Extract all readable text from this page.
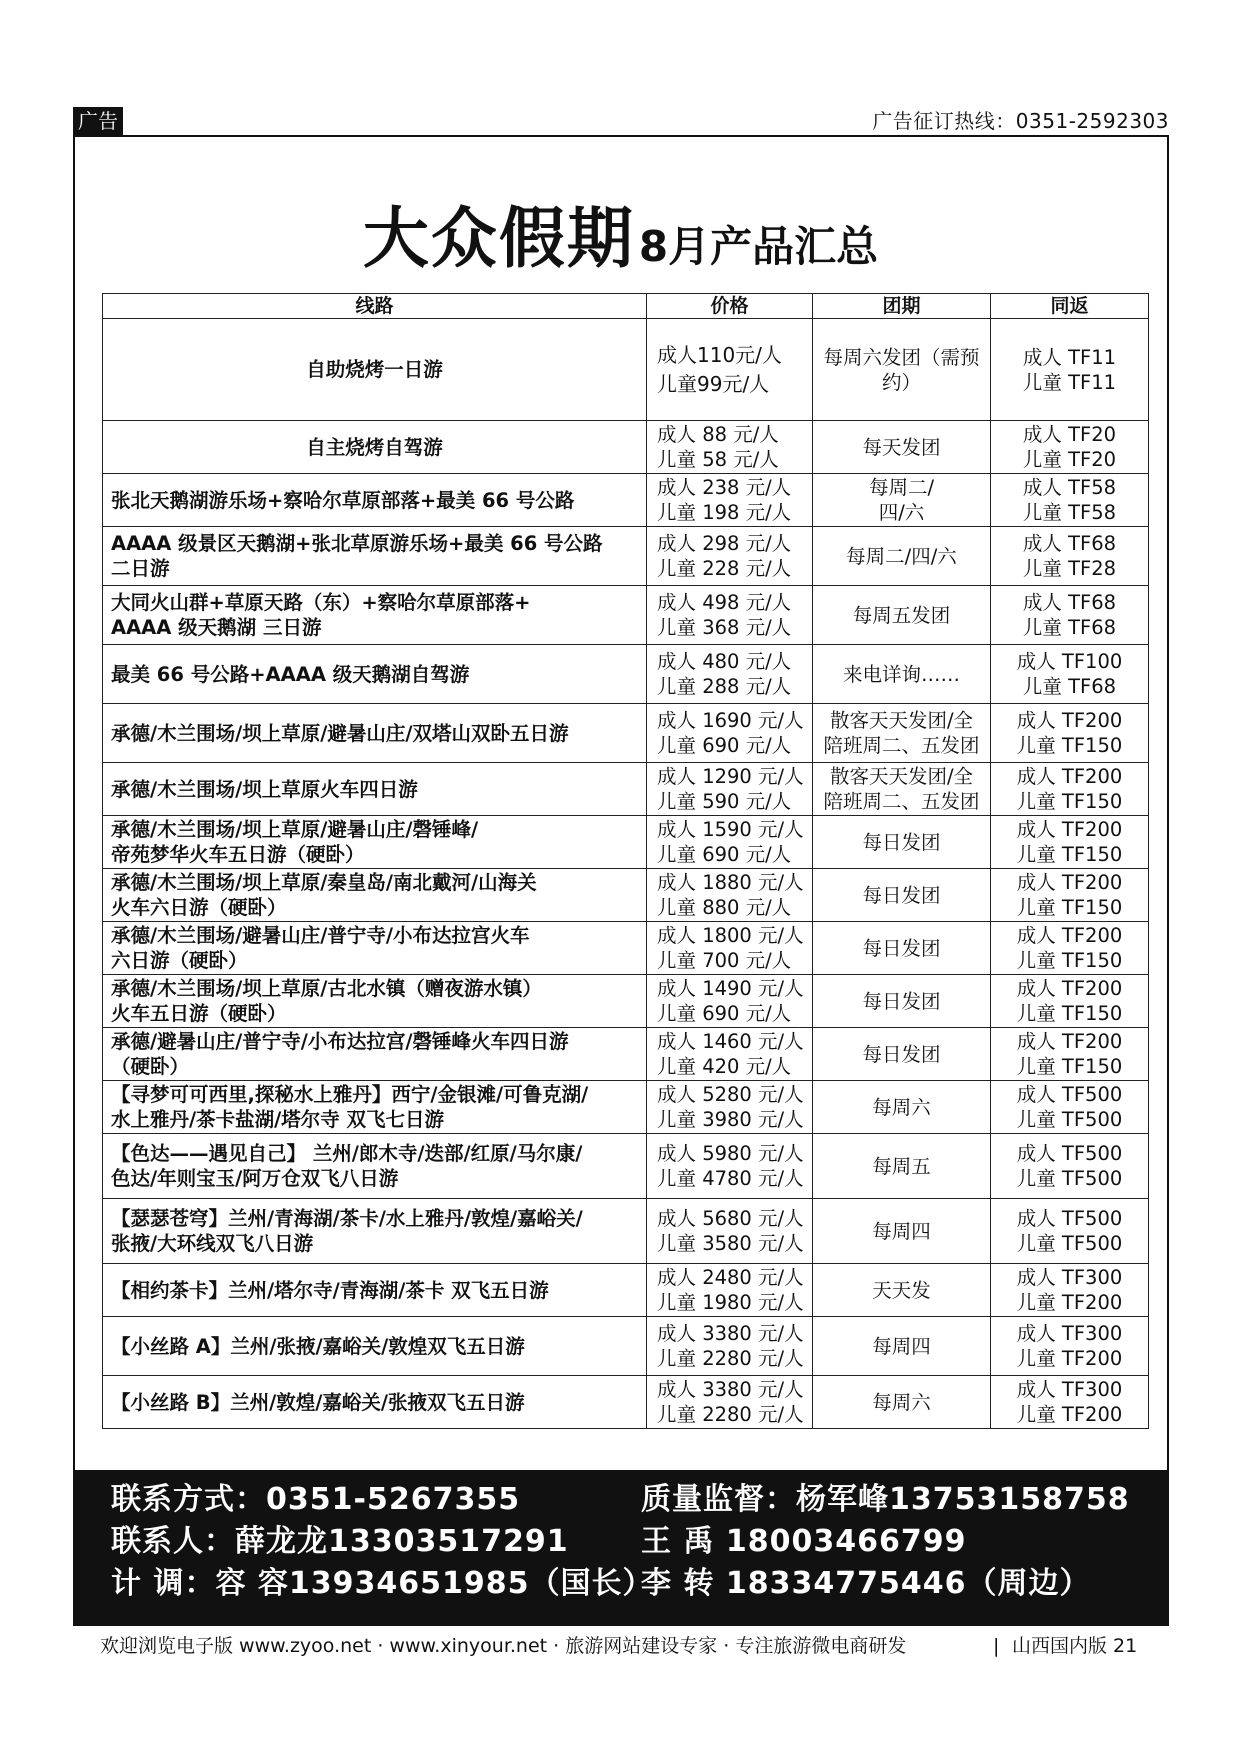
广告	广告征订热线：0351-2592303
大众假期8月产品汇总
线路	价格	团期	同返

自助烧烤一日游	成人110元/人
儿童99元/人	每周六发团（需预
约）	成人 TF11
儿童 TF11

自主烧烤自驾游	成人 88 元/人
儿童 58 元/人	每天发团	成人 TF20
儿童 TF20

张北天鹅湖游乐场+察哈尔草原部落+最美 66 号公路	成人 238 元/人
儿童 198 元/人	每周二/
四/六	成人 TF58
儿童 TF58

AAAA 级景区天鹅湖+张北草原游乐场+最美 66 号公路
二日游	成人 298 元/人
儿童 228 元/人	每周二/四/六	成人 TF68
儿童 TF28

大同火山群+草原天路（东）+察哈尔草原部落+
AAAA 级天鹅湖 三日游	成人 498 元/人
儿童 368 元/人	每周五发团	成人 TF68
儿童 TF68

最美 66 号公路+AAAA 级天鹅湖自驾游	成人 480 元/人
儿童 288 元/人	来电详询……	成人 TF100
儿童 TF68

承德/木兰围场/坝上草原/避暑山庄/双塔山双卧五日游	成人 1690 元/人
儿童 690 元/人	散客天天发团/全
陪班周二、五发团	成人 TF200
儿童 TF150

承德/木兰围场/坝上草原火车四日游	成人 1290 元/人
儿童 590 元/人	散客天天发团/全
陪班周二、五发团	成人 TF200
儿童 TF150

承德/木兰围场/坝上草原/避暑山庄/磬锤峰/
帝苑梦华火车五日游（硬卧）	成人 1590 元/人
儿童 690 元/人	每日发团	成人 TF200
儿童 TF150

承德/木兰围场/坝上草原/秦皇岛/南北戴河/山海关
火车六日游（硬卧）	成人 1880 元/人
儿童 880 元/人	每日发团	成人 TF200
儿童 TF150

承德/木兰围场/避暑山庄/普宁寺/小布达拉宫火车
六日游（硬卧）	成人 1800 元/人
儿童 700 元/人	每日发团	成人 TF200
儿童 TF150

承德/木兰围场/坝上草原/古北水镇（赠夜游水镇）
火车五日游（硬卧）	成人 1490 元/人
儿童 690 元/人	每日发团	成人 TF200
儿童 TF150

承德/避暑山庄/普宁寺/小布达拉宫/磬锤峰火车四日游
（硬卧）	成人 1460 元/人
儿童 420 元/人	每日发团	成人 TF200
儿童 TF150

【寻梦可可西里,探秘水上雅丹】西宁/金银滩/可鲁克湖/
水上雅丹/茶卡盐湖/塔尔寺 双飞七日游	成人 5280 元/人
儿童 3980 元/人	每周六	成人 TF500
儿童 TF500

【色达——遇见自己】 兰州/郎木寺/迭部/红原/马尔康/
色达/年则宝玉/阿万仓双飞八日游	成人 5980 元/人
儿童 4780 元/人	每周五	成人 TF500
儿童 TF500

【瑟瑟苍穹】兰州/青海湖/茶卡/水上雅丹/敦煌/嘉峪关/
张掖/大环线双飞八日游	成人 5680 元/人
儿童 3580 元/人	每周四	成人 TF500
儿童 TF500

【相约茶卡】兰州/塔尔寺/青海湖/茶卡 双飞五日游	成人 2480 元/人
儿童 1980 元/人	天天发	成人 TF300
儿童 TF200

【小丝路 A】兰州/张掖/嘉峪关/敦煌双飞五日游	成人 3380 元/人
儿童 2280 元/人	每周四	成人 TF300
儿童 TF200

【小丝路 B】兰州/敦煌/嘉峪关/张掖双飞五日游	成人 3380 元/人
儿童 2280 元/人	每周六	成人 TF300
儿童 TF200
联系方式：0351-5267355	质量监督：杨军峰13753158758
联系人：薛龙龙13303517291 王 禹 18003466799
计 调：容 容13934651985（国长）
李 转 18334775446（周边）
欢迎浏览电子版 www.zyoo.net · www.xinyour.net · 旅游网站建设专家 · 专注旅游微电商研发	| 山西国内版 21
